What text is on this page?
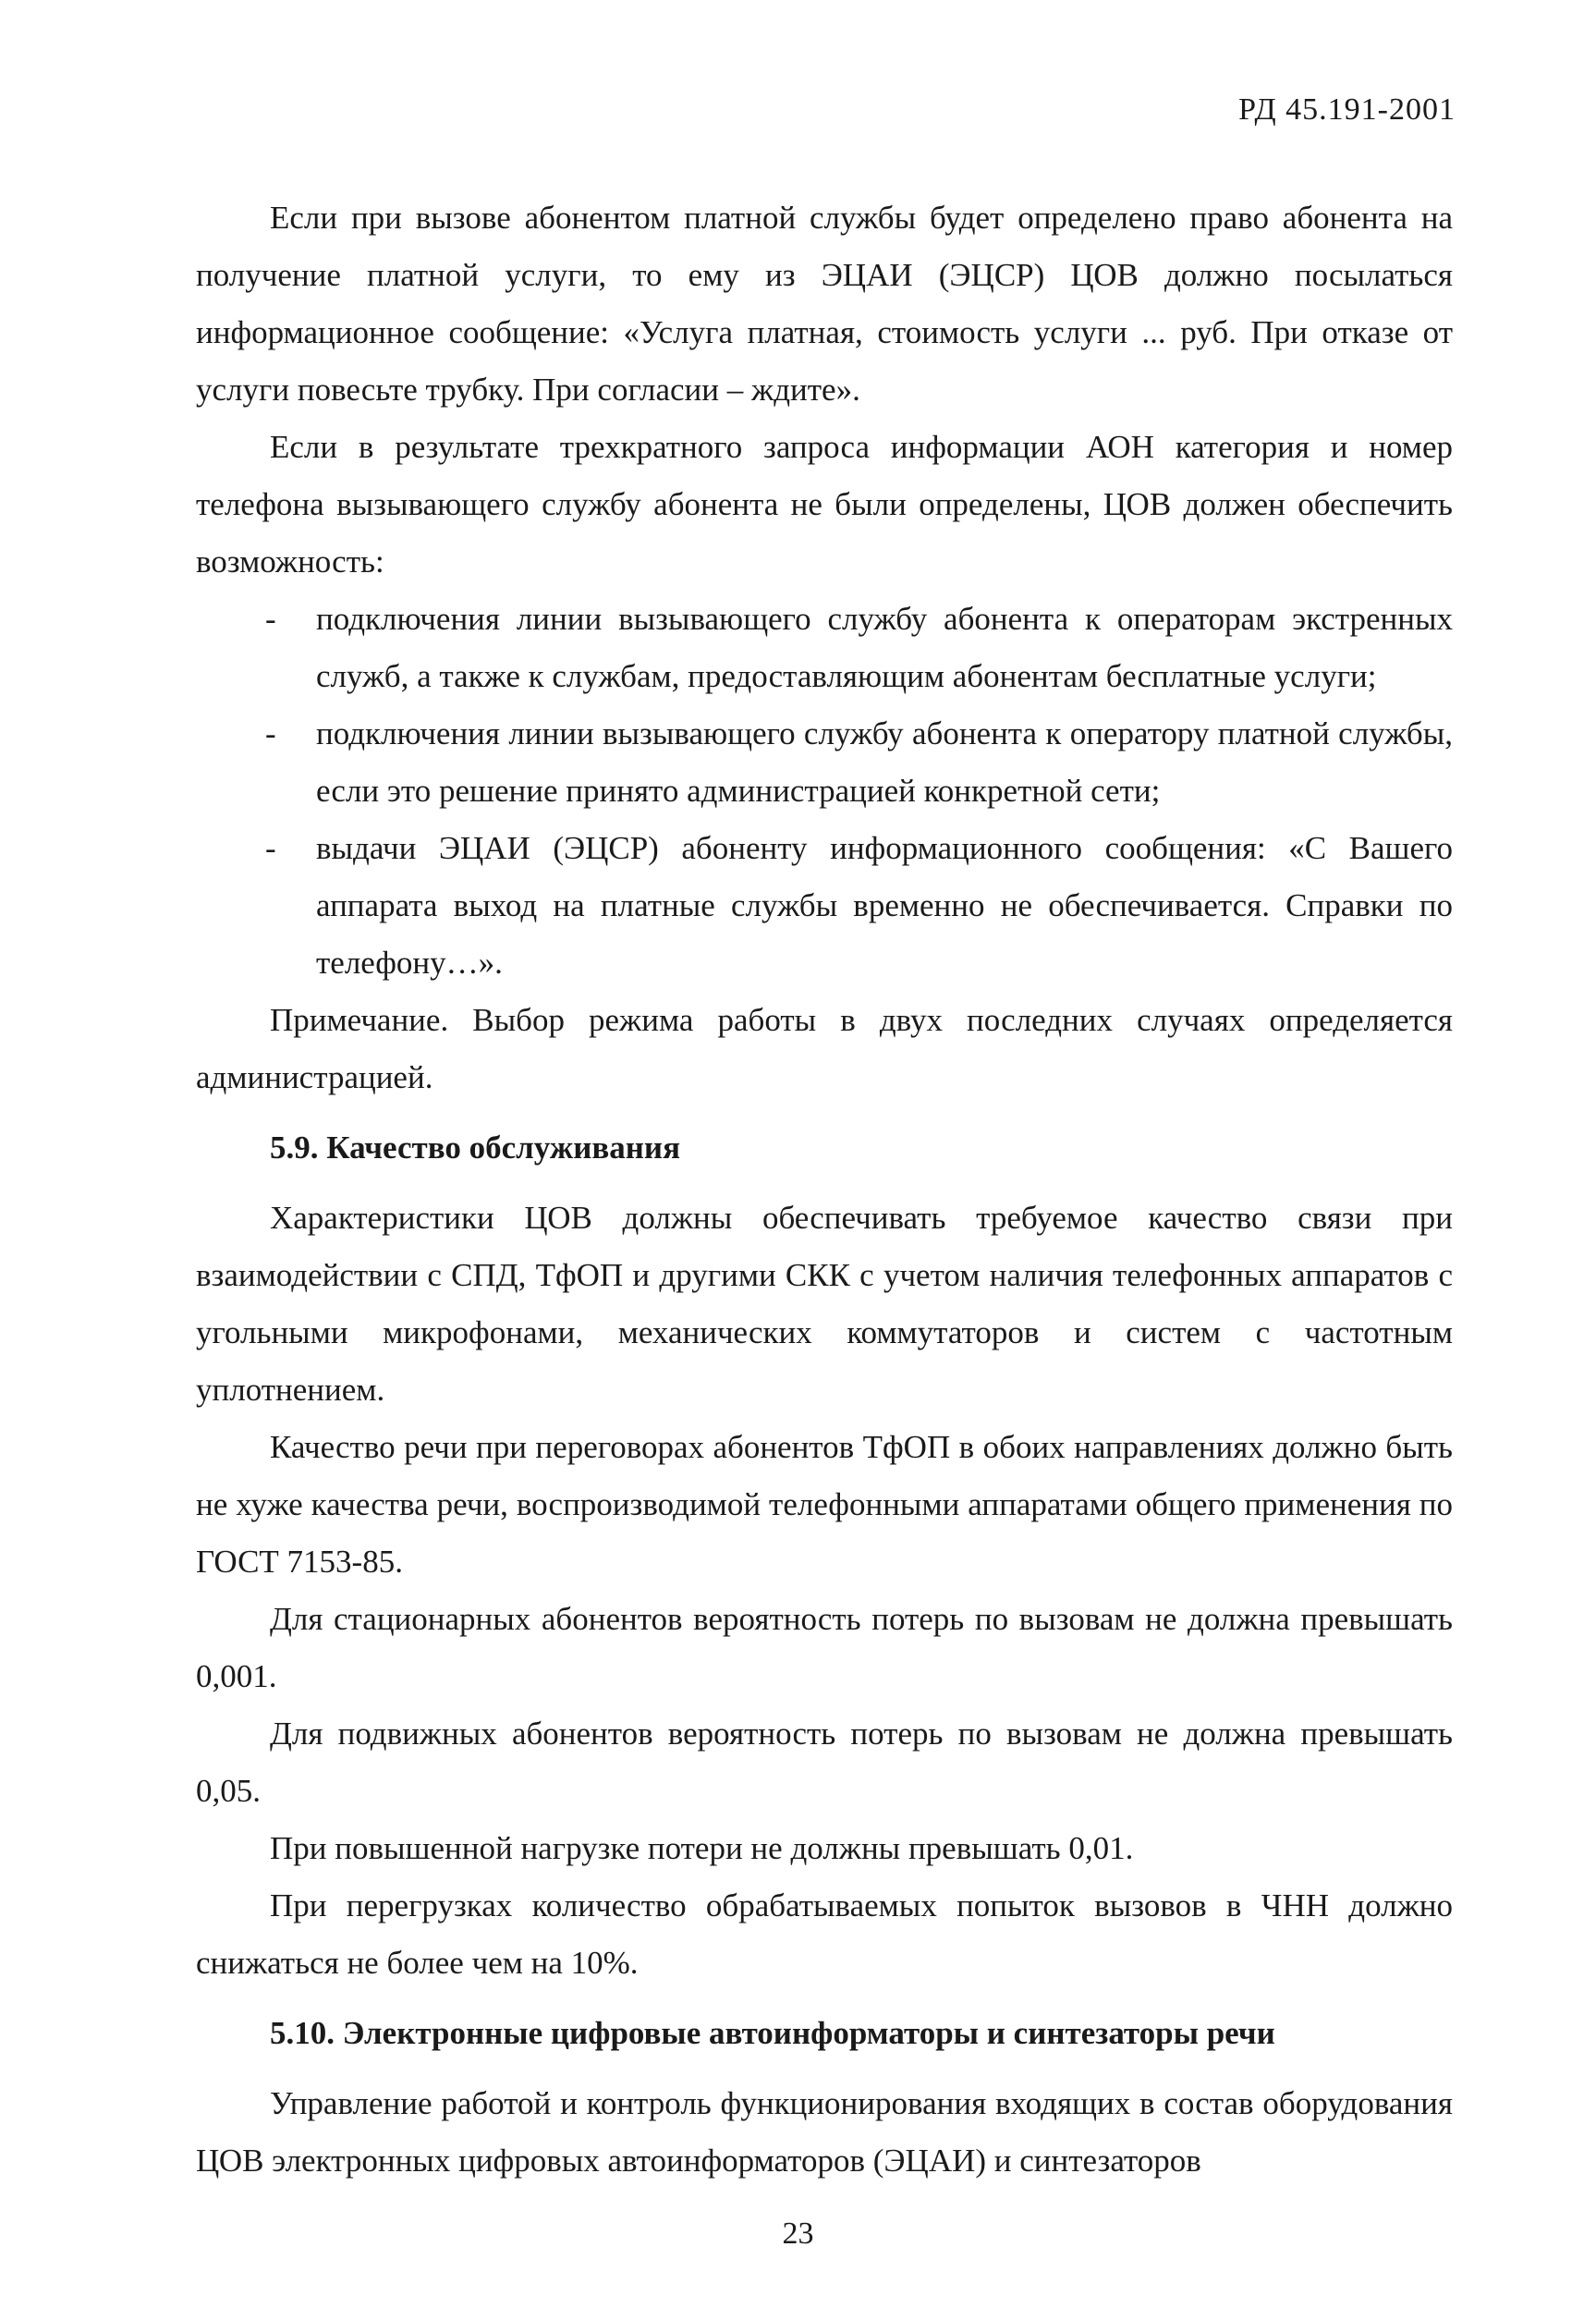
РД 45.191-2001

Если при вызове абонентом платной службы будет определено право абонента на получение платной услуги, то ему из ЭЦАИ (ЭЦСР) ЦОВ должно посылаться информационное сообщение: «Услуга платная, стоимость услуги ... руб. При отказе от услуги повесьте трубку. При согласии – ждите».

Если в результате трехкратного запроса информации АОН категория и номер телефона вызывающего службу абонента не были определены, ЦОВ должен обеспечить возможность:

- подключения линии вызывающего службу абонента к операторам экстренных служб, а также к службам, предоставляющим абонентам бесплатные услуги;
- подключения линии вызывающего службу абонента к оператору платной службы, если это решение принято администрацией конкретной сети;
- выдачи ЭЦАИ (ЭЦСР) абоненту информационного сообщения: «С Вашего аппарата выход на платные службы временно не обеспечивается. Справки по телефону…».

Примечание. Выбор режима работы в двух последних случаях определяется администрацией.

5.9. Качество обслуживания

Характеристики ЦОВ должны обеспечивать требуемое качество связи при взаимодействии с СПД, ТфОП и другими СКК с учетом наличия телефонных аппаратов с угольными микрофонами, механических коммутаторов и систем с частотным уплотнением.

Качество речи при переговорах абонентов ТфОП в обоих направлениях должно быть не хуже качества речи, воспроизводимой телефонными аппаратами общего применения по ГОСТ 7153-85.

Для стационарных абонентов вероятность потерь по вызовам не должна превышать 0,001.

Для подвижных абонентов вероятность потерь по вызовам не должна превышать 0,05.

При повышенной нагрузке потери не должны превышать 0,01.

При перегрузках количество обрабатываемых попыток вызовов в ЧНН должно снижаться не более чем на 10%.

5.10. Электронные цифровые автоинформаторы и синтезаторы речи

Управление работой и контроль функционирования входящих в состав оборудования ЦОВ электронных цифровых автоинформаторов (ЭЦАИ) и синтезаторов

23
